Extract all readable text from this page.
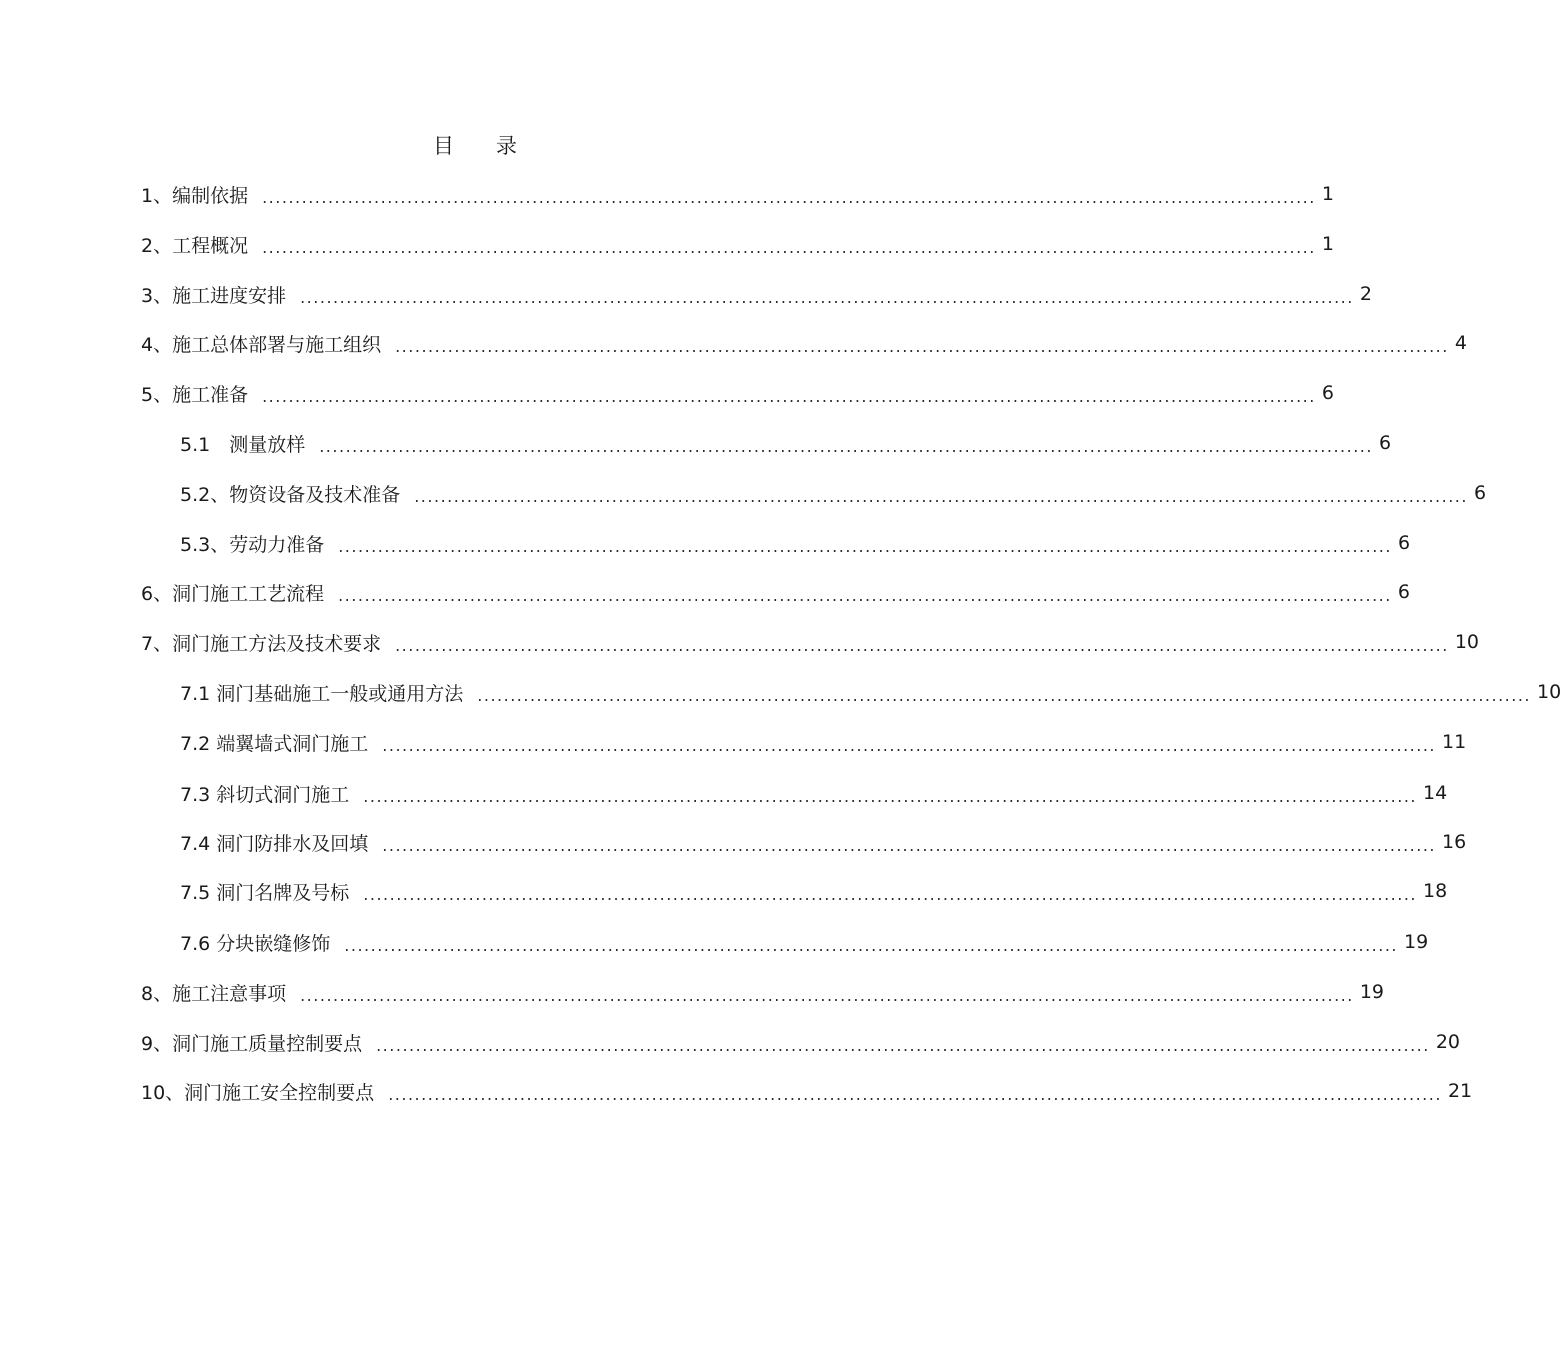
目 录
1、编制依据 ................................................................................................................................................................ 1
2、工程概况 ................................................................................................................................................................ 1
3、施工进度安排 ................................................................................................................................................................ 2
4、施工总体部署与施工组织 ................................................................................................................................................................ 4
5、施工准备 ................................................................................................................................................................ 6
5.1　测量放样 ................................................................................................................................................................ 6
5.2、物资设备及技术准备 ................................................................................................................................................................ 6
5.3、劳动力准备 ................................................................................................................................................................ 6
6、洞门施工工艺流程 ................................................................................................................................................................ 6
7、洞门施工方法及技术要求 ................................................................................................................................................................ 10
7.1 洞门基础施工一般或通用方法 ................................................................................................................................................................ 10
7.2 端翼墙式洞门施工 ................................................................................................................................................................ 11
7.3 斜切式洞门施工 ................................................................................................................................................................ 14
7.4 洞门防排水及回填 ................................................................................................................................................................ 16
7.5 洞门名牌及号标 ................................................................................................................................................................ 18
7.6 分块嵌缝修饰 ................................................................................................................................................................ 19
8、施工注意事项 ................................................................................................................................................................ 19
9、洞门施工质量控制要点 ................................................................................................................................................................ 20
10、洞门施工安全控制要点 ................................................................................................................................................................ 21
